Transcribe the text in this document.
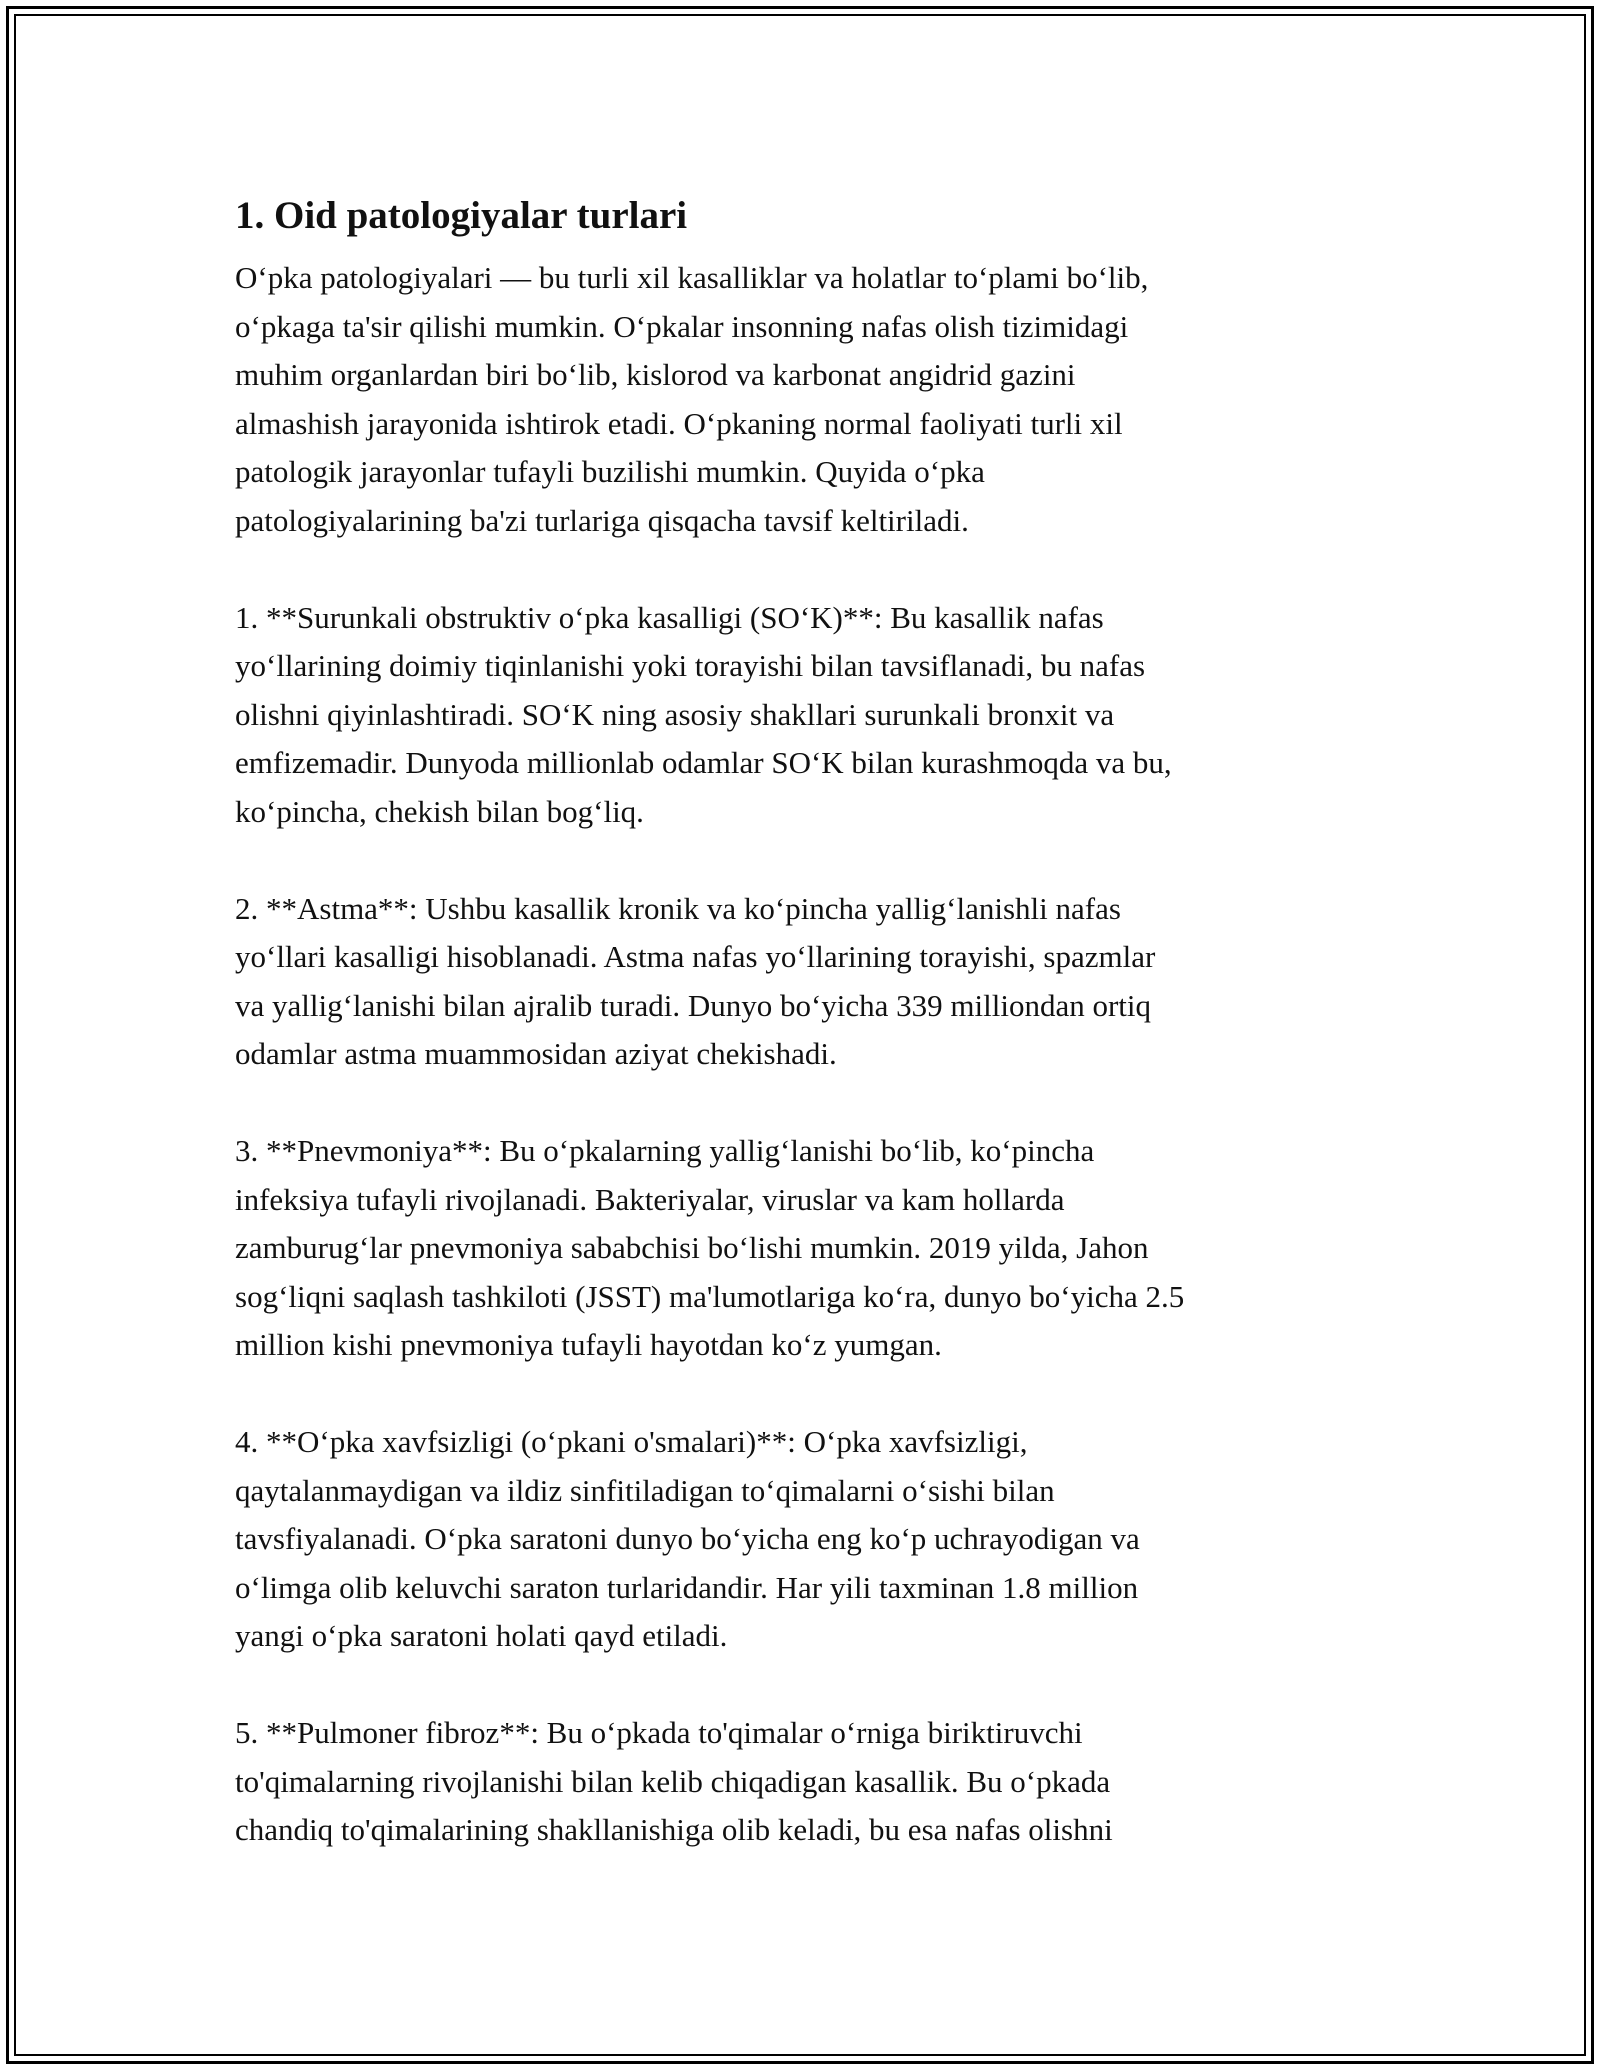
1. Oid patologiyalar turlari

O‘pka patologiyalari — bu turli xil kasalliklar va holatlar to‘plami bo‘lib,
o‘pkaga ta'sir qilishi mumkin. O‘pkalar insonning nafas olish tizimidagi
muhim organlardan biri bo‘lib, kislorod va karbonat angidrid gazini
almashish jarayonida ishtirok etadi. O‘pkaning normal faoliyati turli xil
patologik jarayonlar tufayli buzilishi mumkin. Quyida o‘pka
patologiyalarining ba'zi turlariga qisqacha tavsif keltiriladi.

1. **Surunkali obstruktiv o‘pka kasalligi (SO‘K)**: Bu kasallik nafas
yo‘llarining doimiy tiqinlanishi yoki torayishi bilan tavsiflanadi, bu nafas
olishni qiyinlashtiradi. SO‘K ning asosiy shakllari surunkali bronxit va
emfizemadir. Dunyoda millionlab odamlar SO‘K bilan kurashmoqda va bu,
ko‘pincha, chekish bilan bog‘liq.

2. **Astma**: Ushbu kasallik kronik va ko‘pincha yallig‘lanishli nafas
yo‘llari kasalligi hisoblanadi. Astma nafas yo‘llarining torayishi, spazmlar
va yallig‘lanishi bilan ajralib turadi. Dunyo bo‘yicha 339 milliondan ortiq
odamlar astma muammosidan aziyat chekishadi.

3. **Pnevmoniya**: Bu o‘pkalarning yallig‘lanishi bo‘lib, ko‘pincha
infeksiya tufayli rivojlanadi. Bakteriyalar, viruslar va kam hollarda
zamburug‘lar pnevmoniya sababchisi bo‘lishi mumkin. 2019 yilda, Jahon
sog‘liqni saqlash tashkiloti (JSST) ma'lumotlariga ko‘ra, dunyo bo‘yicha 2.5
million kishi pnevmoniya tufayli hayotdan ko‘z yumgan.

4. **O‘pka xavfsizligi (o‘pkani o'smalari)**: O‘pka xavfsizligi,
qaytalanmaydigan va ildiz sinfitiladigan to‘qimalarni o‘sishi bilan
tavsfiyalanadi. O‘pka saratoni dunyo bo‘yicha eng ko‘p uchrayodigan va
o‘limga olib keluvchi saraton turlaridandir. Har yili taxminan 1.8 million
yangi o‘pka saratoni holati qayd etiladi.

5. **Pulmoner fibroz**: Bu o‘pkada to'qimalar o‘rniga biriktiruvchi
to'qimalarning rivojlanishi bilan kelib chiqadigan kasallik. Bu o‘pkada
chandiq to'qimalarining shakllanishiga olib keladi, bu esa nafas olishni
